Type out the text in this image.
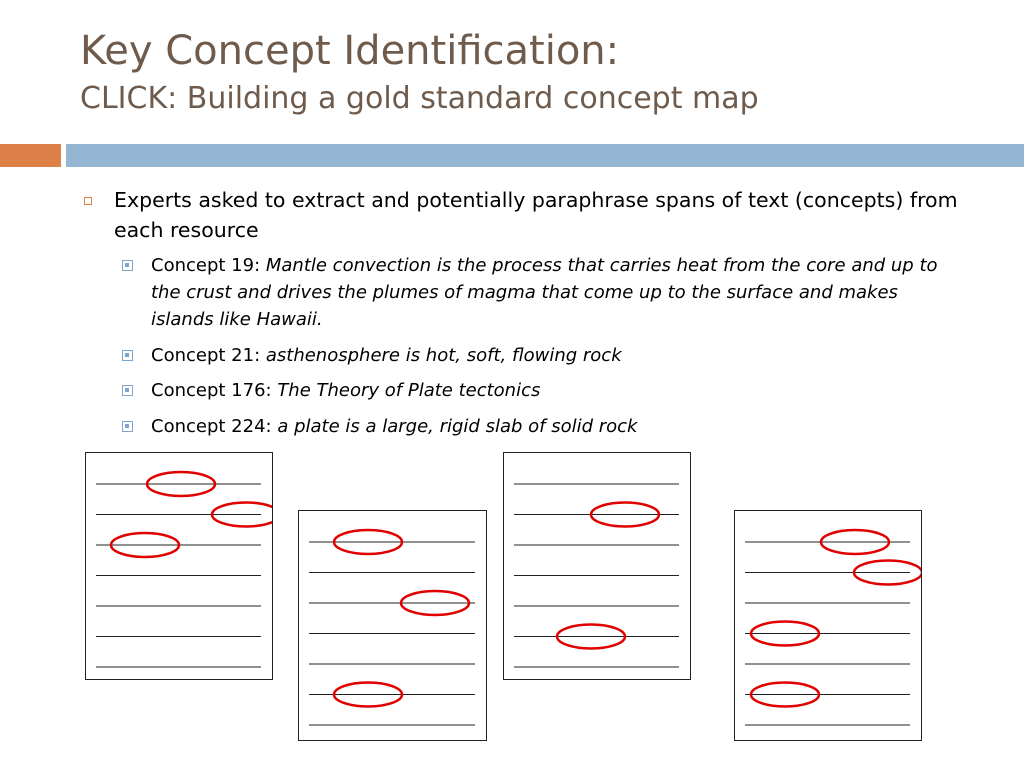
Key Concept Identification:
CLICK: Building a gold standard concept map
Experts asked to extract and potentially paraphrase spans of text (concepts) from each resource
Concept 19: Mantle convection is the process that carries heat from the core and up to the crust and drives the plumes of magma that come up to the surface and makes islands like Hawaii.
Concept 21: asthenosphere is hot, soft, flowing rock
Concept 176: The Theory of Plate tectonics
Concept 224: a plate is a large, rigid slab of solid rock
